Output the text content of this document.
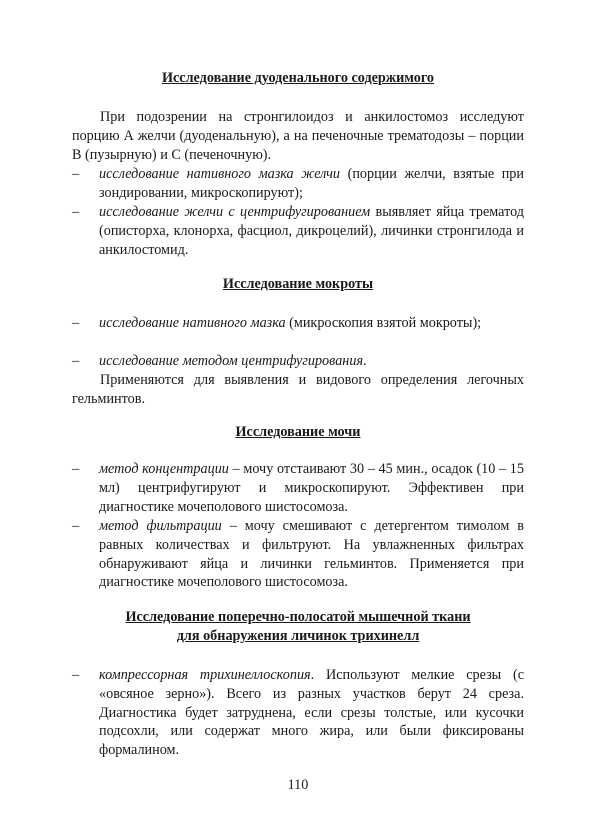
Исследование дуоденального содержимого

При подозрении на стронгилоидоз и анкилостомоз исследуют порцию А желчи (дуоденальную), а на печеночные трематодозы – порции В (пузырную) и С (печеночную).

– исследование нативного мазка желчи (порции желчи, взятые при зондировании, микроскопируют);
– исследование желчи с центрифугированием выявляет яйца трематод (описторха, клонорха, фасциол, дикроцелий), личинки стронгилода и анкилостомид.
Исследование мокроты
– исследование нативного мазка (микроскопия взятой мокроты);
– исследование методом центрифугирования.

Применяются для выявления и видового определения легочных гельминтов.

Исследование мочи
– метод концентрации – мочу отстаивают 30 – 45 мин., осадок (10 – 15 мл) центрифугируют и микроскопируют. Эффективен при диагностике мочеполового шистосомоза.
– метод фильтрации – мочу смешивают с детергентом тимолом в равных количествах и фильтруют. На увлажненных фильтрах обнаруживают яйца и личинки гельминтов. Применяется при диагностике мочеполового шистосомоза.
Исследование поперечно-полосатой мышечной ткани
для обнаружения личинок трихинелл
– компрессорная трихинеллоскопия. Используют мелкие срезы (с «овсяное зерно»). Всего из разных участков берут 24 среза. Диагностика будет затруднена, если срезы толстые, или кусочки подсохли, или содержат много жира, или были фиксированы формалином.
110
